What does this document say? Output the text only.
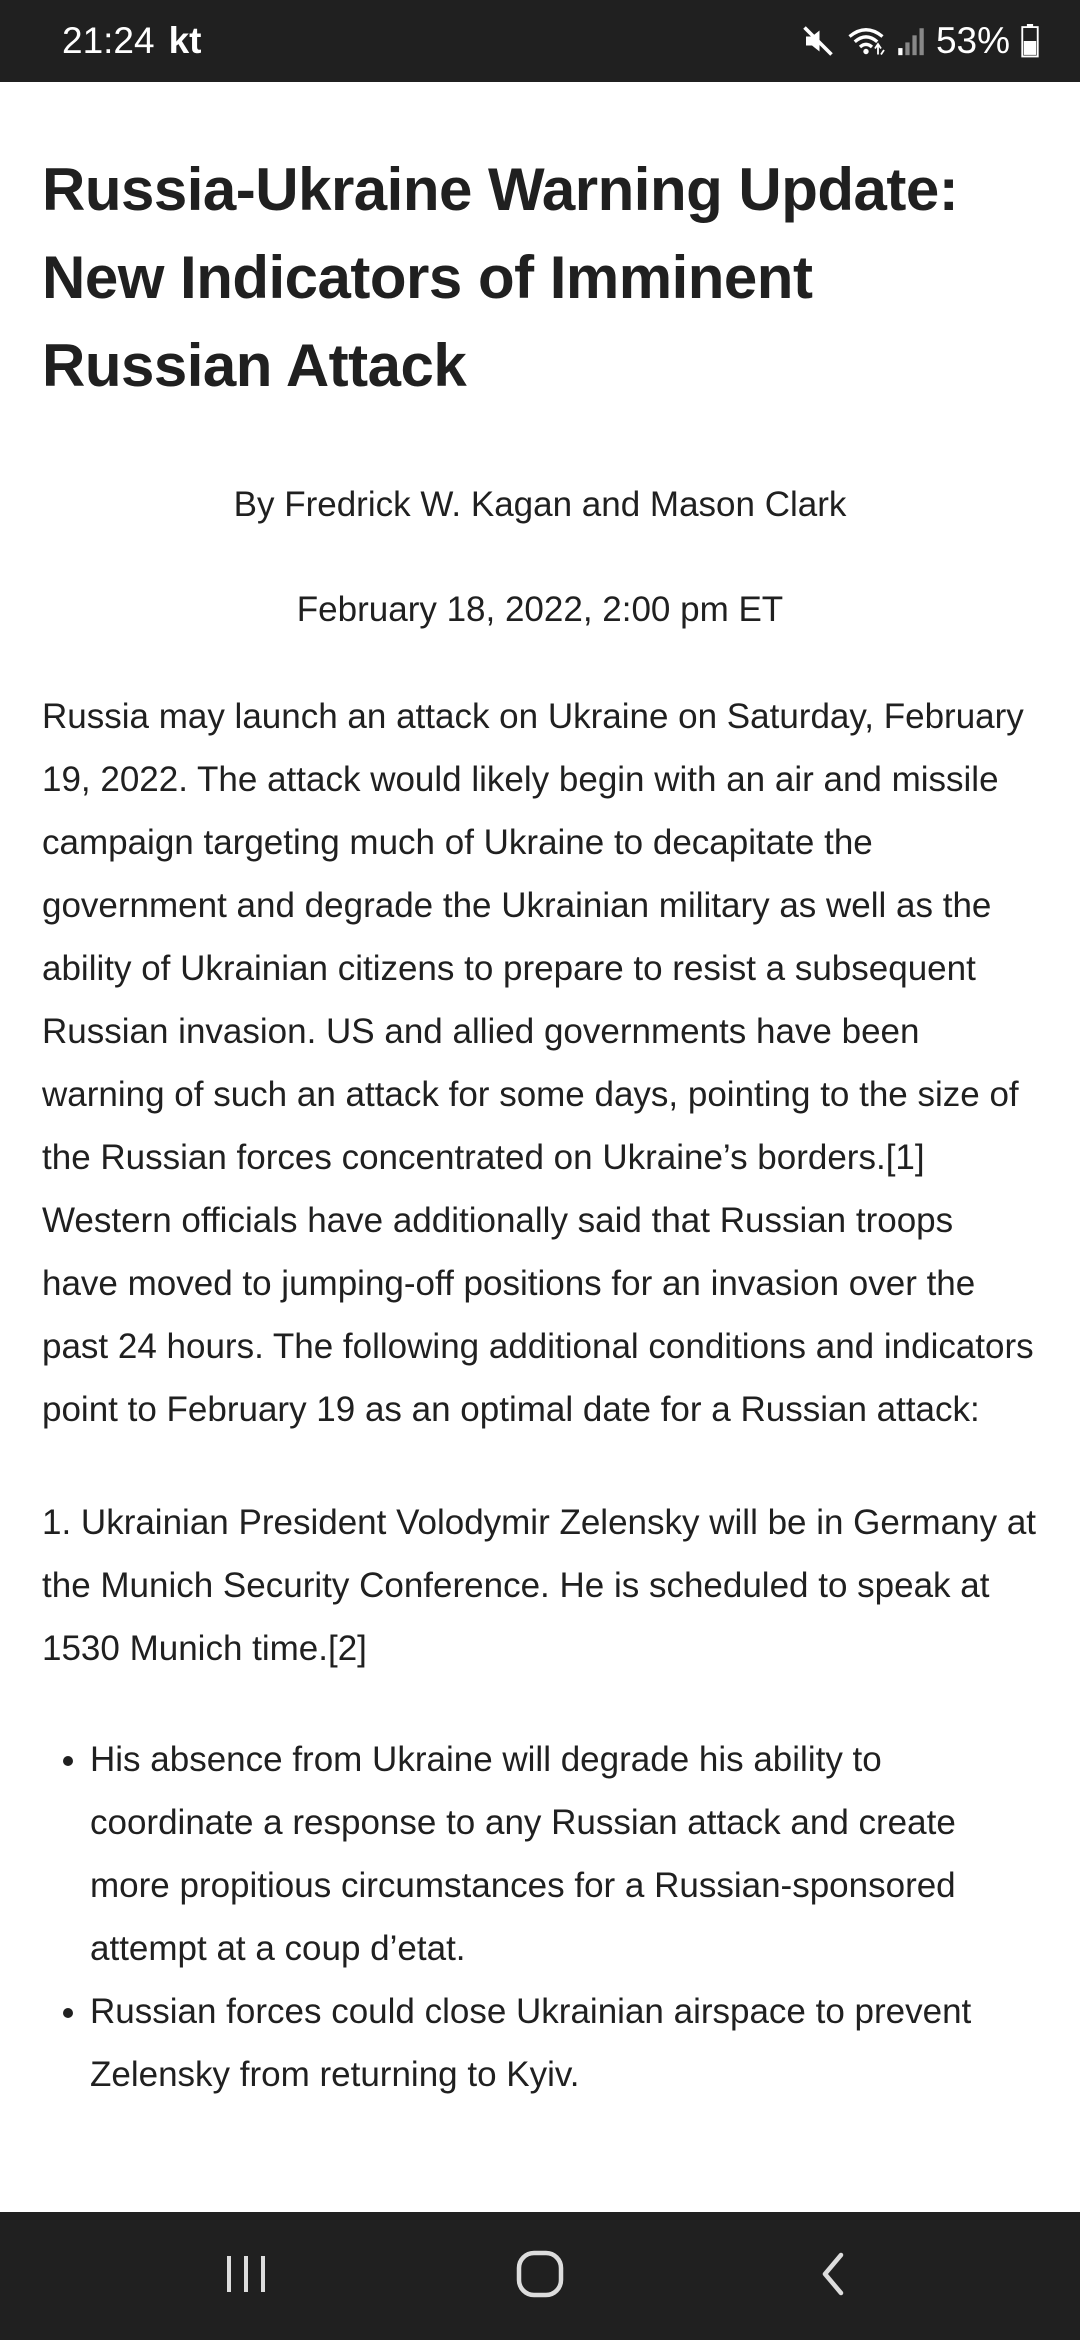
21:24 kt	53%
Russia-Ukraine Warning Update: New Indicators of Imminent Russian Attack
By Fredrick W. Kagan and Mason Clark
February 18, 2022, 2:00 pm ET

Russia may launch an attack on Ukraine on Saturday, February 19, 2022. The attack would likely begin with an air and missile campaign targeting much of Ukraine to decapitate the government and degrade the Ukrainian military as well as the ability of Ukrainian citizens to prepare to resist a subsequent Russian invasion. US and allied governments have been warning of such an attack for some days, pointing to the size of the Russian forces concentrated on Ukraine’s borders.[1] Western officials have additionally said that Russian troops have moved to jumping-off positions for an invasion over the past 24 hours. The following additional conditions and indicators point to February 19 as an optimal date for a Russian attack:

1. Ukrainian President Volodymir Zelensky will be in Germany at the Munich Security Conference. He is scheduled to speak at 1530 Munich time.[2]

• His absence from Ukraine will degrade his ability to coordinate a response to any Russian attack and create more propitious circumstances for a Russian-sponsored attempt at a coup d’etat.
• Russian forces could close Ukrainian airspace to prevent Zelensky from returning to Kyiv.
